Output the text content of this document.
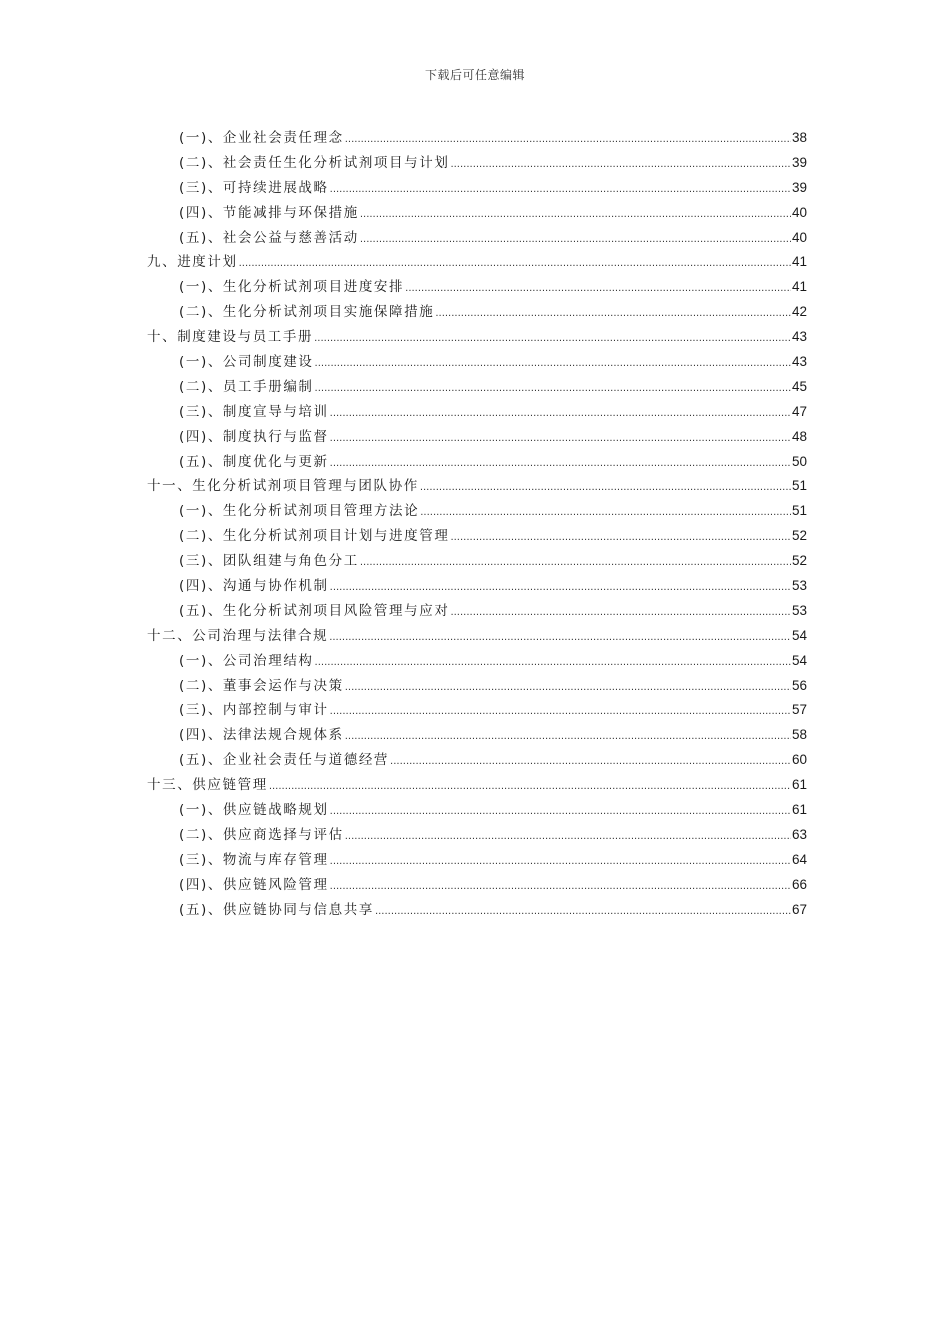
下载后可任意编辑
(一)、企业社会责任理念 .....	38
(二)、社会责任生化分析试剂项目与计划 .....	39
(三)、可持续进展战略 .....	39
(四)、节能减排与环保措施 .....	40
(五)、社会公益与慈善活动 .....	40
九、进度计划 .....	41
(一)、生化分析试剂项目进度安排 .....	41
(二)、生化分析试剂项目实施保障措施 .....	42
十、制度建设与员工手册 .....	43
(一)、公司制度建设 .....	43
(二)、员工手册编制 .....	45
(三)、制度宣导与培训 .....	47
(四)、制度执行与监督 .....	48
(五)、制度优化与更新 .....	50
十一、生化分析试剂项目管理与团队协作 .....	51
(一)、生化分析试剂项目管理方法论 .....	51
(二)、生化分析试剂项目计划与进度管理 .....	52
(三)、团队组建与角色分工 .....	52
(四)、沟通与协作机制 .....	53
(五)、生化分析试剂项目风险管理与应对 .....	53
十二、公司治理与法律合规 .....	54
(一)、公司治理结构 .....	54
(二)、董事会运作与决策 .....	56
(三)、内部控制与审计 .....	57
(四)、法律法规合规体系 .....	58
(五)、企业社会责任与道德经营 .....	60
十三、供应链管理 .....	61
(一)、供应链战略规划 .....	61
(二)、供应商选择与评估 .....	63
(三)、物流与库存管理 .....	64
(四)、供应链风险管理 .....	66
(五)、供应链协同与信息共享 .....	67
